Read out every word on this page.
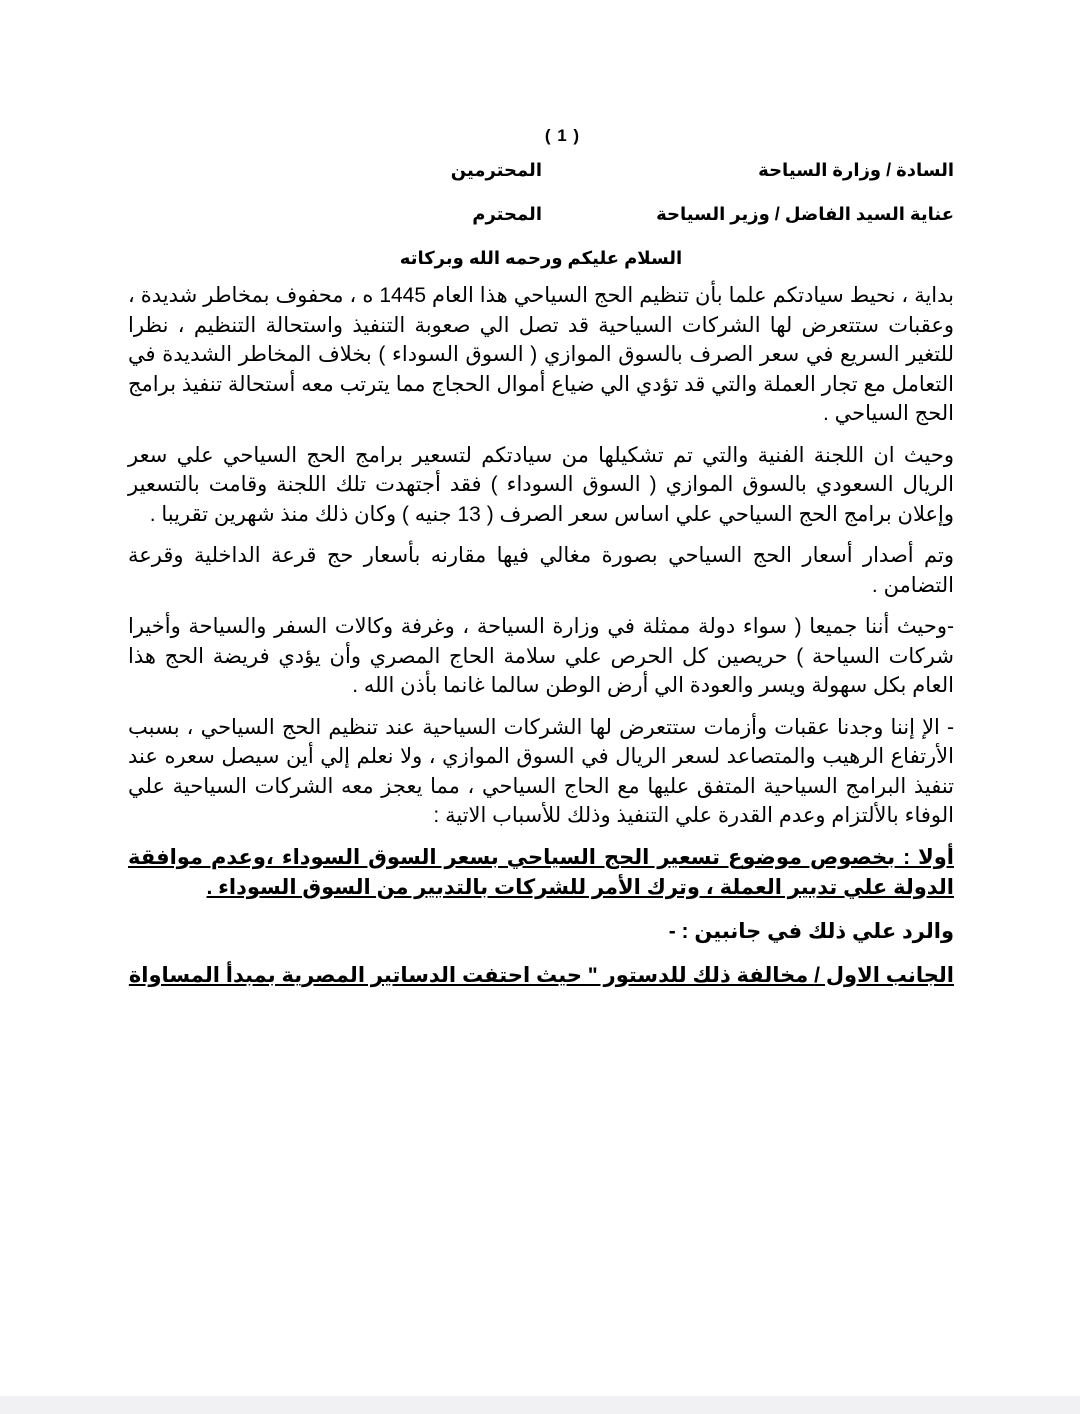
( 1 )
السادة / وزارة السياحة
المحترمين
عناية السيد الفاضل / وزير السياحة
المحترم
السلام عليكم ورحمه الله وبركاته

بداية ، نحيط سيادتكم علما بأن تنظيم الحج السياحي هذا العام 1445 ه ، محفوف بمخاطر شديدة ، وعقبات ستتعرض لها الشركات السياحية قد تصل الي صعوبة التنفيذ واستحالة التنظيم ، نظرا للتغير السريع في سعر الصرف بالسوق الموازي ( السوق السوداء ) بخلاف المخاطر الشديدة في التعامل مع تجار العملة والتي قد تؤدي الي ضياع أموال الحجاج مما يترتب معه أستحالة تنفيذ برامج الحج السياحي .

وحيث ان اللجنة الفنية والتي تم تشكيلها من سيادتكم لتسعير برامج الحج السياحي علي سعر الريال السعودي بالسوق الموازي ( السوق السوداء ) فقد أجتهدت تلك اللجنة وقامت بالتسعير وإعلان برامج الحج السياحي علي اساس سعر الصرف ( 13 جنيه ) وكان ذلك منذ شهرين تقريبا .

وتم أصدار أسعار الحج السياحي بصورة مغالي فيها مقارنه بأسعار حج قرعة الداخلية وقرعة التضامن .

-وحيث أننا جميعا ( سواء دولة ممثلة في وزارة السياحة ، وغرفة وكالات السفر والسياحة وأخيرا شركات السياحة ) حريصين كل الحرص علي سلامة الحاج المصري وأن يؤدي فريضة الحج هذا العام بكل سهولة ويسر والعودة الي أرض الوطن سالما غانما بأذن الله .

- الإ إننا وجدنا عقبات وأزمات ستتعرض لها الشركات السياحية عند تنظيم الحج السياحي ، بسبب الأرتفاع الرهيب والمتصاعد لسعر الريال في السوق الموازي ، ولا نعلم إلي أين سيصل سعره عند تنفيذ البرامج السياحية المتفق عليها مع الحاج السياحي ، مما يعجز معه الشركات السياحية علي الوفاء بالألتزام وعدم القدرة علي التنفيذ وذلك للأسباب الاتية :

أولا : بخصوص موضوع تسعير الحج السياحي بسعر السوق السوداء ،وعدم موافقة الدولة علي تدبير العملة ، وترك الأمر للشركات بالتدبير من السوق السوداء .

والرد علي ذلك في جانبين : -

الجانب الاول / مخالفة ذلك للدستور " حيث احتفت الدساتير المصرية بمبدأ المساواة
